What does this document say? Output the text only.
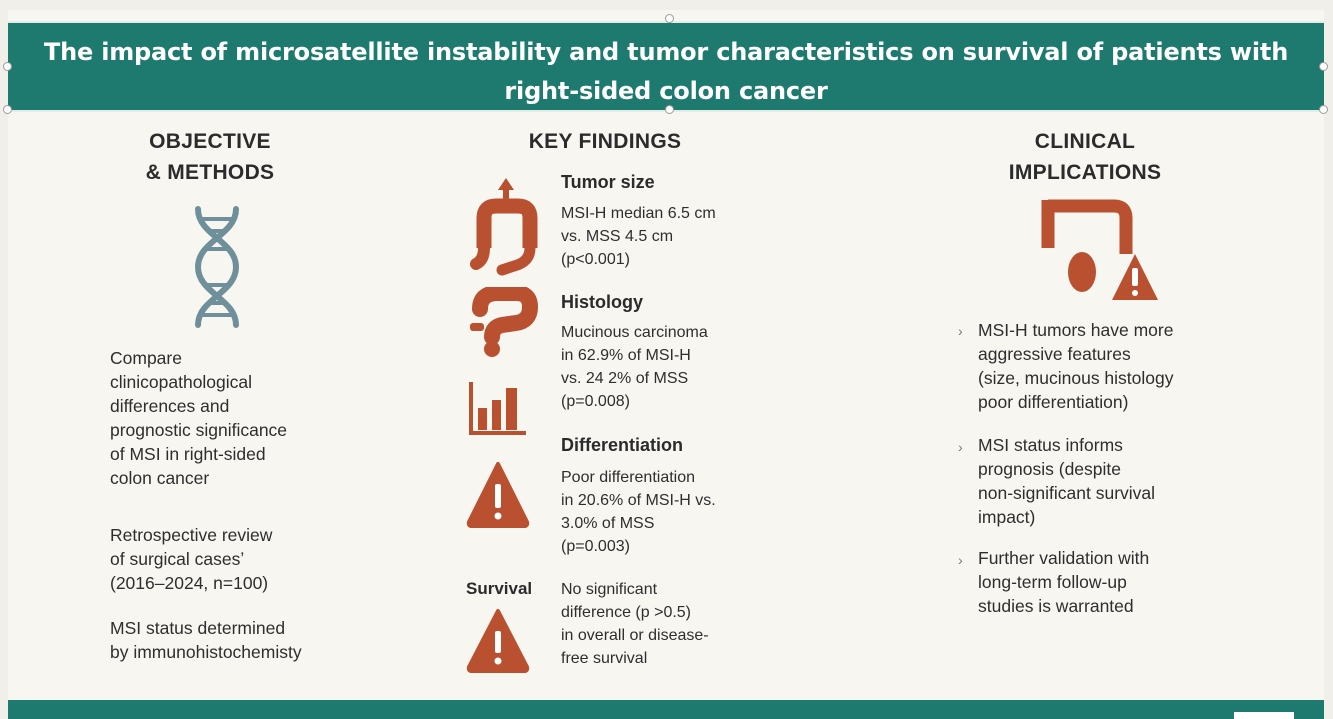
The impact of microsatellite instability and tumor characteristics on survival of patients with
right-sided colon cancer
OBJECTIVE
& METHODS
Compare
clinicopathological
differences and
prognostic significance
of MSI in right-sided
colon cancer
Retrospective review
of surgical casesʼ
(2016–2024, n=100)
MSI status determined
by immunohistochemisty
KEY FINDINGS
Tumor size
MSI-H median 6.5 cm
vs. MSS 4.5 cm
(p<0.001)
Histology
Mucinous carcinoma
in 62.9% of MSI-H
vs. 24 2% of MSS
(p=0.008)
Differentiation
Poor differentiation
in 20.6% of MSI-H vs.
3.0% of MSS
(p=0.003)
Survival No significant
difference (p >0.5)
in overall or disease-
free survival
CLINICAL
IMPLICATIONS
› MSI-H tumors have more
aggressive features
(size, mucinous histology
poor differentiation)
› MSI status informs
prognosis (despite
non-significant survival
impact)
› Further validation with
long-term follow-up
studies is warranted
